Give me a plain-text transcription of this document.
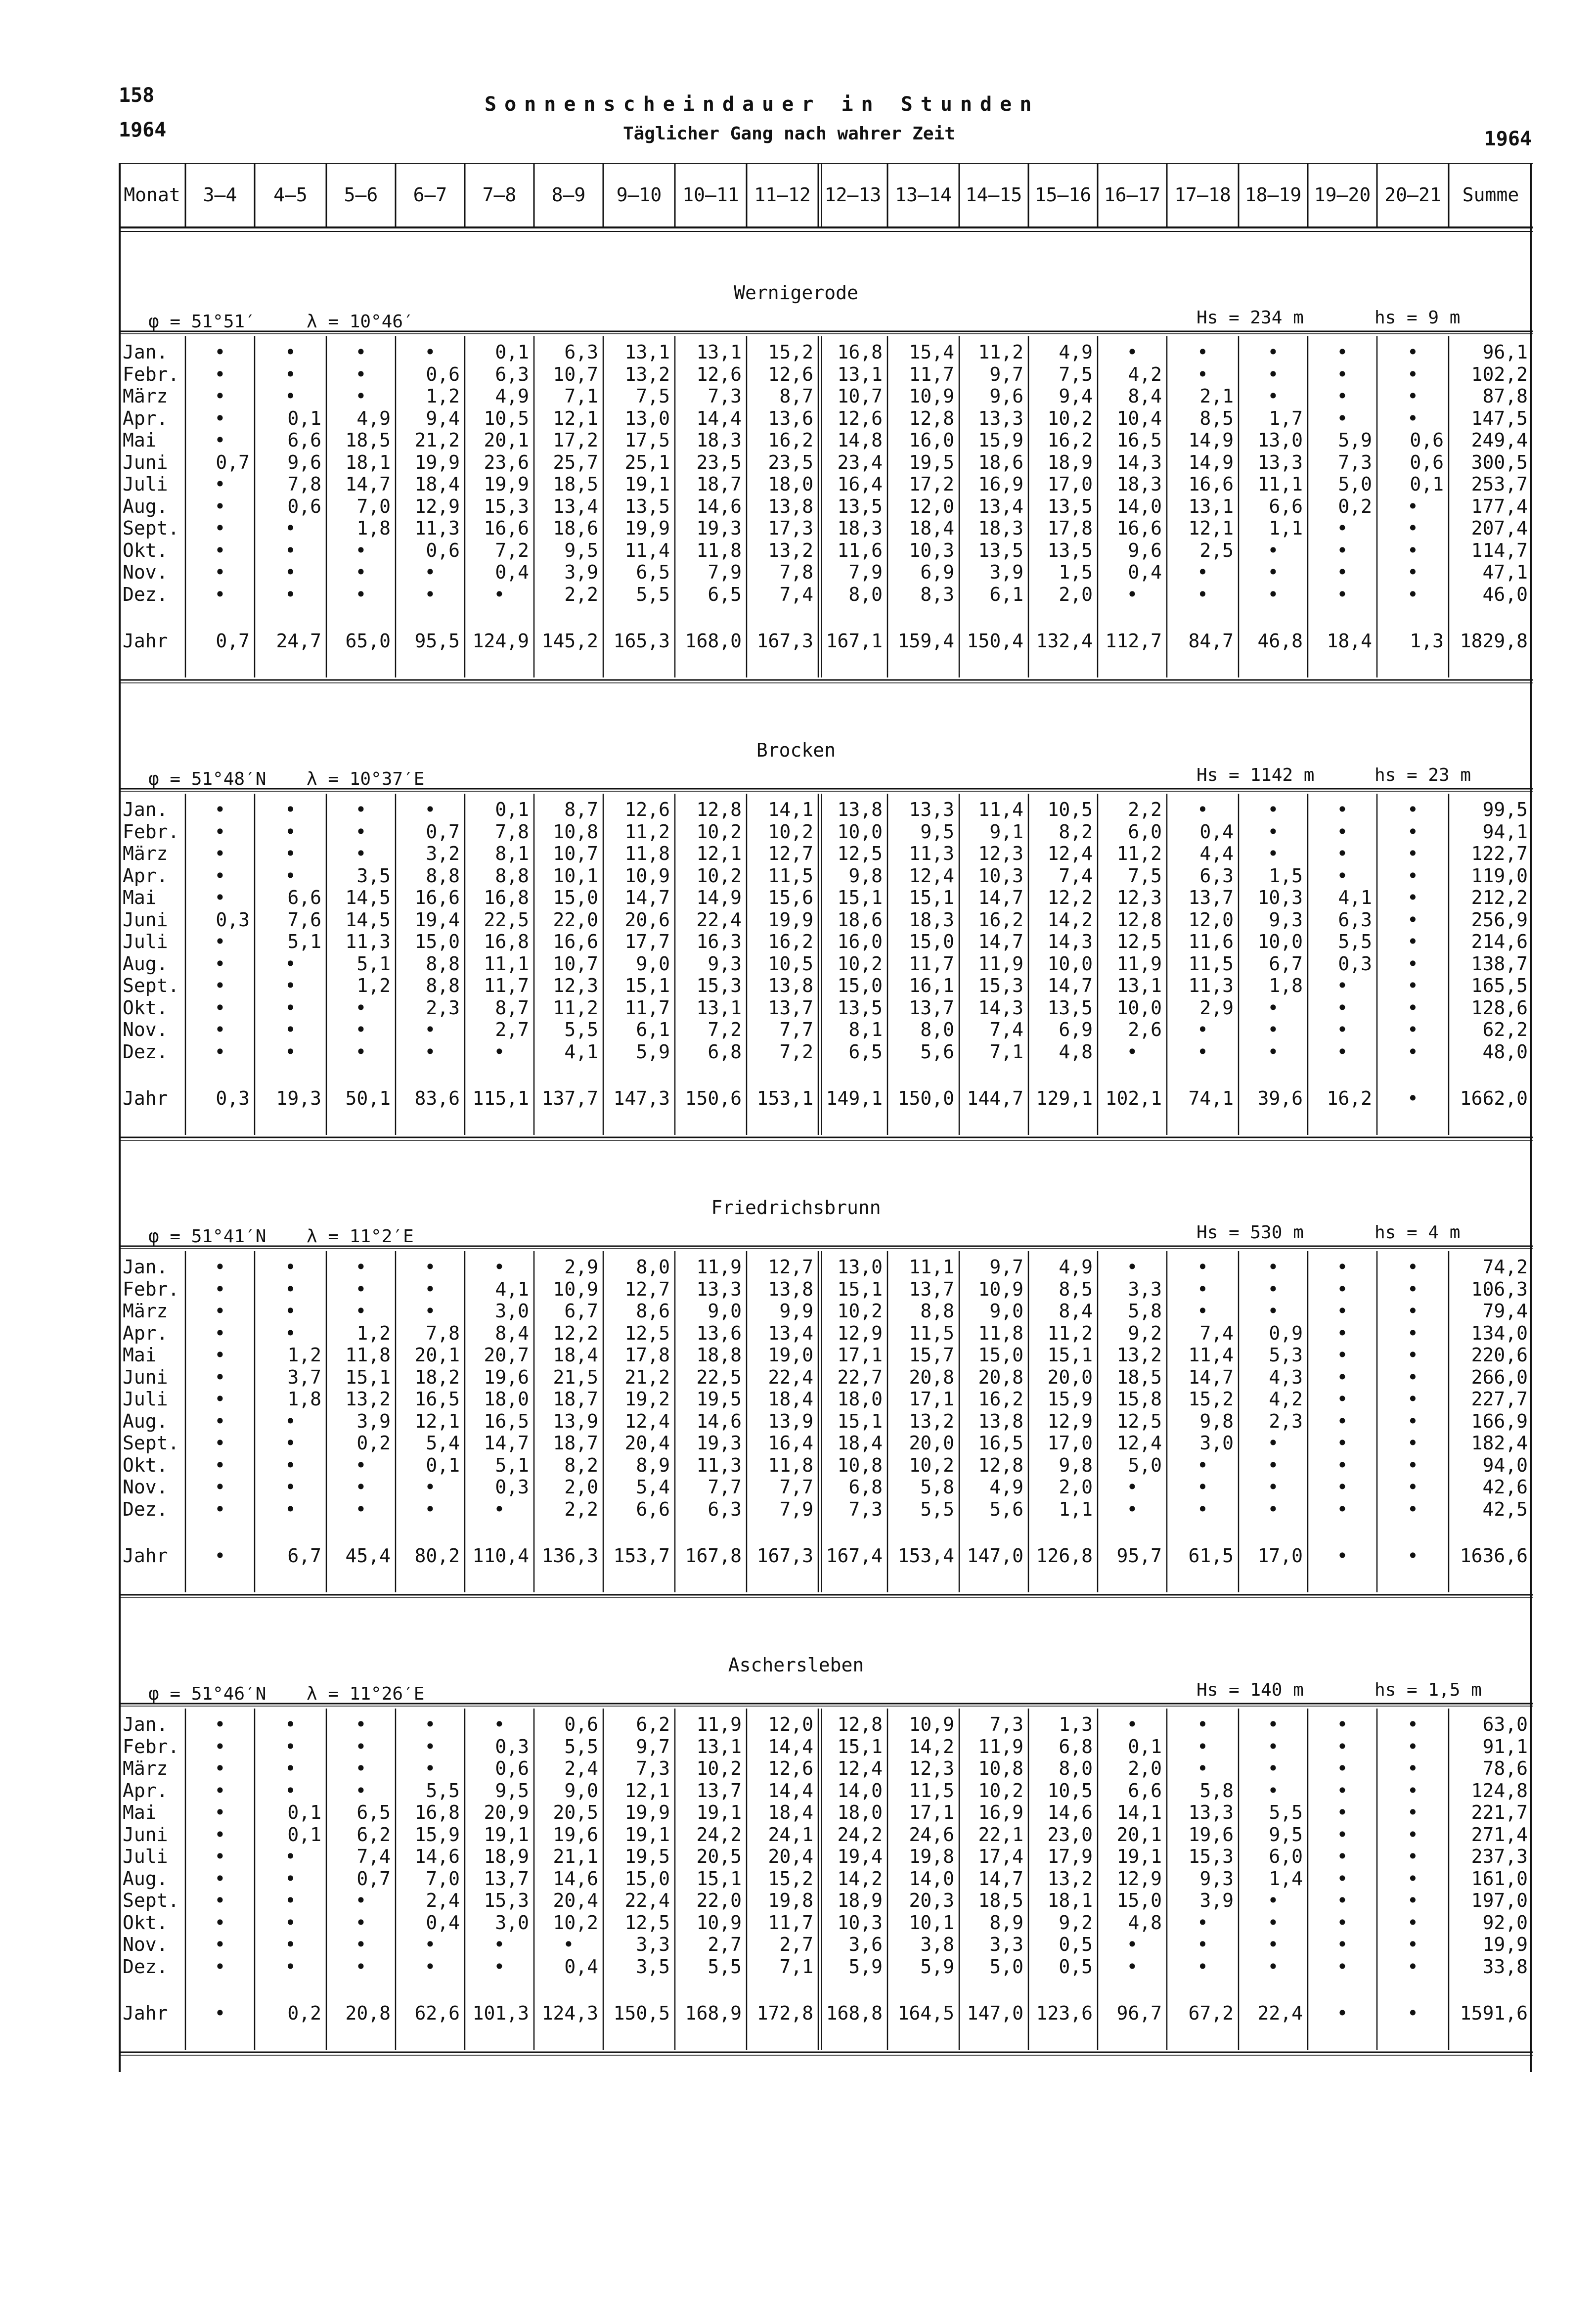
158
1964	1964
Sonnenscheindauer in Stunden
Täglicher Gang nach wahrer Zeit
Monat 3–4 4–5 5–6 6–7 7–8 8–9 9–10 10–11 11–12 12–13 13–14 14–15 15–16 16–17 17–18 18–19 19–20 20–21 Summe
Wernigerode
φ = 51°51′	λ = 10°46′	Hs = 234 m	hs = 9 m
Jan. •	•	•	•	0,1 6,3 13,1 13,1 15,2 16,8 15,4 11,2 4,9 •	•	•	•	•	96,1
Febr. •	•	•	0,6 6,3 10,7 13,2 12,6 12,6 13,1 11,7 9,7 7,5 4,2 •	•	•	•	102,2
März •	•	•	1,2 4,9 7,1 7,5 7,3 8,7 10,7 10,9 9,6 9,4 8,4 2,1 •	•	•	87,8
Apr. •	0,1 4,9 9,4 10,5 12,1 13,0 14,4 13,6 12,6 12,8 13,3 10,2 10,4 8,5 1,7 •	•	147,5
Mai	•	6,6 18,5 21,2 20,1 17,2 17,5 18,3 16,2 14,8 16,0 15,9 16,2 16,5 14,9 13,0 5,9 0,6 249,4
Juni	0,7 9,6 18,1 19,9 23,6 25,7 25,1 23,5 23,5 23,4 19,5 18,6 18,9 14,3 14,9 13,3 7,3 0,6 300,5
Juli •	7,8 14,7 18,4 19,9 18,5 19,1 18,7 18,0 16,4 17,2 16,9 17,0 18,3 16,6 11,1 5,0 0,1 253,7
Aug. •	0,6 7,0 12,9 15,3 13,4 13,5 14,6 13,8 13,5 12,0 13,4 13,5 14,0 13,1 6,6 0,2 •	177,4
Sept. •	•	1,8 11,3 16,6 18,6 19,9 19,3 17,3 18,3 18,4 18,3 17,8 16,6 12,1 1,1 •	•	207,4
Okt. •	•	•	0,6 7,2 9,5 11,4 11,8 13,2 11,6 10,3 13,5 13,5 9,6 2,5 •	•	•	114,7
Nov. •	•	•	•	0,4 3,9 6,5 7,9 7,8 7,9 6,9 3,9 1,5 0,4 •	•	•	•	47,1
Dez. •	•	•	•	•	2,2 5,5 6,5 7,4 8,0 8,3 6,1 2,0 •	•	•	•	•	46,0
Jahr	0,7 24,7 65,0 95,5 124,9 145,2 165,3 168,0 167,3 167,1 159,4 150,4 132,4 112,7 84,7 46,8 18,4 1,3 1829,8
Brocken
φ = 51°48′N λ = 10°37′E	Hs = 1142 m	hs = 23 m
Jan. •	•	•	•	0,1 8,7 12,6 12,8 14,1 13,8 13,3 11,4 10,5 2,2 •	•	•	•	99,5
Febr. •	•	•	0,7 7,8 10,8 11,2 10,2 10,2 10,0 9,5 9,1 8,2 6,0 0,4 •	•	•	94,1
März •	•	•	3,2 8,1 10,7 11,8 12,1 12,7 12,5 11,3 12,3 12,4 11,2 4,4 •	•	•	122,7
Apr. •	•	3,5 8,8 8,8 10,1 10,9 10,2 11,5 9,8 12,4 10,3 7,4 7,5 6,3 1,5 •	•	119,0
Mai	•	6,6 14,5 16,6 16,8 15,0 14,7 14,9 15,6 15,1 15,1 14,7 12,2 12,3 13,7 10,3 4,1 •	212,2
Juni	0,3 7,6 14,5 19,4 22,5 22,0 20,6 22,4 19,9 18,6 18,3 16,2 14,2 12,8 12,0 9,3 6,3 •	256,9
Juli •	5,1 11,3 15,0 16,8 16,6 17,7 16,3 16,2 16,0 15,0 14,7 14,3 12,5 11,6 10,0 5,5 •	214,6
Aug. •	•	5,1 8,8 11,1 10,7 9,0 9,3 10,5 10,2 11,7 11,9 10,0 11,9 11,5 6,7 0,3 •	138,7
Sept. •	•	1,2 8,8 11,7 12,3 15,1 15,3 13,8 15,0 16,1 15,3 14,7 13,1 11,3 1,8 •	•	165,5
Okt. •	•	•	2,3 8,7 11,2 11,7 13,1 13,7 13,5 13,7 14,3 13,5 10,0 2,9 •	•	•	128,6
Nov. •	•	•	•	2,7 5,5 6,1 7,2 7,7 8,1 8,0 7,4 6,9 2,6 •	•	•	•	62,2
Dez. •	•	•	•	•	4,1 5,9 6,8 7,2 6,5 5,6 7,1 4,8 •	•	•	•	•	48,0
Jahr	0,3 19,3 50,1 83,6 115,1 137,7 147,3 150,6 153,1 149,1 150,0 144,7 129,1 102,1 74,1 39,6 16,2 • 1662,0
Friedrichsbrunn
φ = 51°41′N λ = 11°2′E	Hs = 530 m	hs = 4 m
Jan. •	•	•	•	•	2,9 8,0 11,9 12,7 13,0 11,1 9,7 4,9 •	•	•	•	•	74,2
Febr. •	•	•	•	4,1 10,9 12,7 13,3 13,8 15,1 13,7 10,9 8,5 3,3 •	•	•	•	106,3
März •	•	•	•	3,0 6,7 8,6 9,0 9,9 10,2 8,8 9,0 8,4 5,8 •	•	•	•	79,4
Apr. •	•	1,2 7,8 8,4 12,2 12,5 13,6 13,4 12,9 11,5 11,8 11,2 9,2 7,4 0,9 •	•	134,0
Mai	•	1,2 11,8 20,1 20,7 18,4 17,8 18,8 19,0 17,1 15,7 15,0 15,1 13,2 11,4 5,3 •	•	220,6
Juni •	3,7 15,1 18,2 19,6 21,5 21,2 22,5 22,4 22,7 20,8 20,8 20,0 18,5 14,7 4,3 •	•	266,0
Juli •	1,8 13,2 16,5 18,0 18,7 19,2 19,5 18,4 18,0 17,1 16,2 15,9 15,8 15,2 4,2 •	•	227,7
Aug. •	•	3,9 12,1 16,5 13,9 12,4 14,6 13,9 15,1 13,2 13,8 12,9 12,5 9,8 2,3 •	•	166,9
Sept. •	•	0,2 5,4 14,7 18,7 20,4 19,3 16,4 18,4 20,0 16,5 17,0 12,4 3,0 •	•	•	182,4
Okt. •	•	•	0,1 5,1 8,2 8,9 11,3 11,8 10,8 10,2 12,8 9,8 5,0 •	•	•	•	94,0
Nov. •	•	•	•	0,3 2,0 5,4 7,7 7,7 6,8 5,8 4,9 2,0 •	•	•	•	•	42,6
Dez. •	•	•	•	•	2,2 6,6 6,3 7,9 7,3 5,5 5,6 1,1 •	•	•	•	•	42,5
Jahr •	6,7 45,4 80,2 110,4 136,3 153,7 167,8 167,3 167,4 153,4 147,0 126,8 95,7 61,5 17,0 •	• 1636,6
Aschersleben
φ = 51°46′N λ = 11°26′E	Hs = 140 m	hs = 1,5 m
Jan. •	•	•	•	•	0,6 6,2 11,9 12,0 12,8 10,9 7,3 1,3 •	•	•	•	•	63,0
Febr. •	•	•	•	0,3 5,5 9,7 13,1 14,4 15,1 14,2 11,9 6,8 0,1 •	•	•	•	91,1
März •	•	•	•	0,6 2,4 7,3 10,2 12,6 12,4 12,3 10,8 8,0 2,0 •	•	•	•	78,6
Apr. •	•	•	5,5 9,5 9,0 12,1 13,7 14,4 14,0 11,5 10,2 10,5 6,6 5,8 •	•	•	124,8
Mai	•	0,1 6,5 16,8 20,9 20,5 19,9 19,1 18,4 18,0 17,1 16,9 14,6 14,1 13,3 5,5 •	•	221,7
Juni •	0,1 6,2 15,9 19,1 19,6 19,1 24,2 24,1 24,2 24,6 22,1 23,0 20,1 19,6 9,5 •	•	271,4
Juli •	•	7,4 14,6 18,9 21,1 19,5 20,5 20,4 19,4 19,8 17,4 17,9 19,1 15,3 6,0 •	•	237,3
Aug. •	•	0,7 7,0 13,7 14,6 15,0 15,1 15,2 14,2 14,0 14,7 13,2 12,9 9,3 1,4 •	•	161,0
Sept. •	•	•	2,4 15,3 20,4 22,4 22,0 19,8 18,9 20,3 18,5 18,1 15,0 3,9 •	•	•	197,0
Okt. •	•	•	0,4 3,0 10,2 12,5 10,9 11,7 10,3 10,1 8,9 9,2 4,8 •	•	•	•	92,0
Nov. •	•	•	•	•	•	3,3 2,7 2,7 3,6 3,8 3,3 0,5 •	•	•	•	•	19,9
Dez. •	•	•	•	•	0,4 3,5 5,5 7,1 5,9 5,9 5,0 0,5 •	•	•	•	•	33,8
Jahr •	0,2 20,8 62,6 101,3 124,3 150,5 168,9 172,8 168,8 164,5 147,0 123,6 96,7 67,2 22,4 •	• 1591,6
